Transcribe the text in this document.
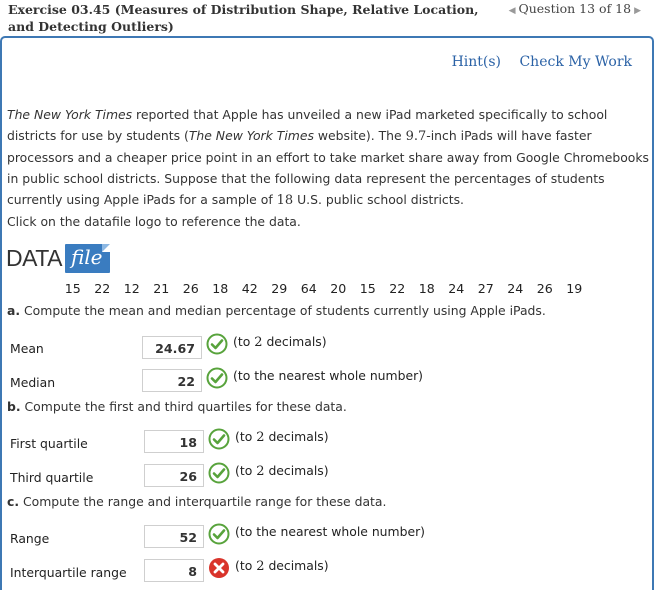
Exercise 03.45 (Measures of Distribution Shape, Relative Location, and Detecting Outliers)
◀ Question 13 of 18 ▶
Hint(s) Check My Work
The New York Times reported that Apple has unveiled a new iPad marketed specifically to school districts for use by students (The New York Times website). The 9.7-inch iPads will have faster processors and a cheaper price point in an effort to take market share away from Google Chromebooks in public school districts. Suppose that the following data represent the percentages of students currently using Apple iPads for a sample of 18 U.S. public school districts.
Click on the datafile logo to reference the data.
DATA file
15	22	12	21	26	18	42	29	64	20	15	22	18	24	27	24	26	19
a. Compute the mean and median percentage of students currently using Apple iPads.
Mean	24.67	(to 2 decimals)
Median	22	(to the nearest whole number)
b. Compute the first and third quartiles for these data.
First quartile	18	(to 2 decimals)
Third quartile	26	(to 2 decimals)
c. Compute the range and interquartile range for these data.
Range	52	(to the nearest whole number)
Interquartile range	8	(to 2 decimals)
